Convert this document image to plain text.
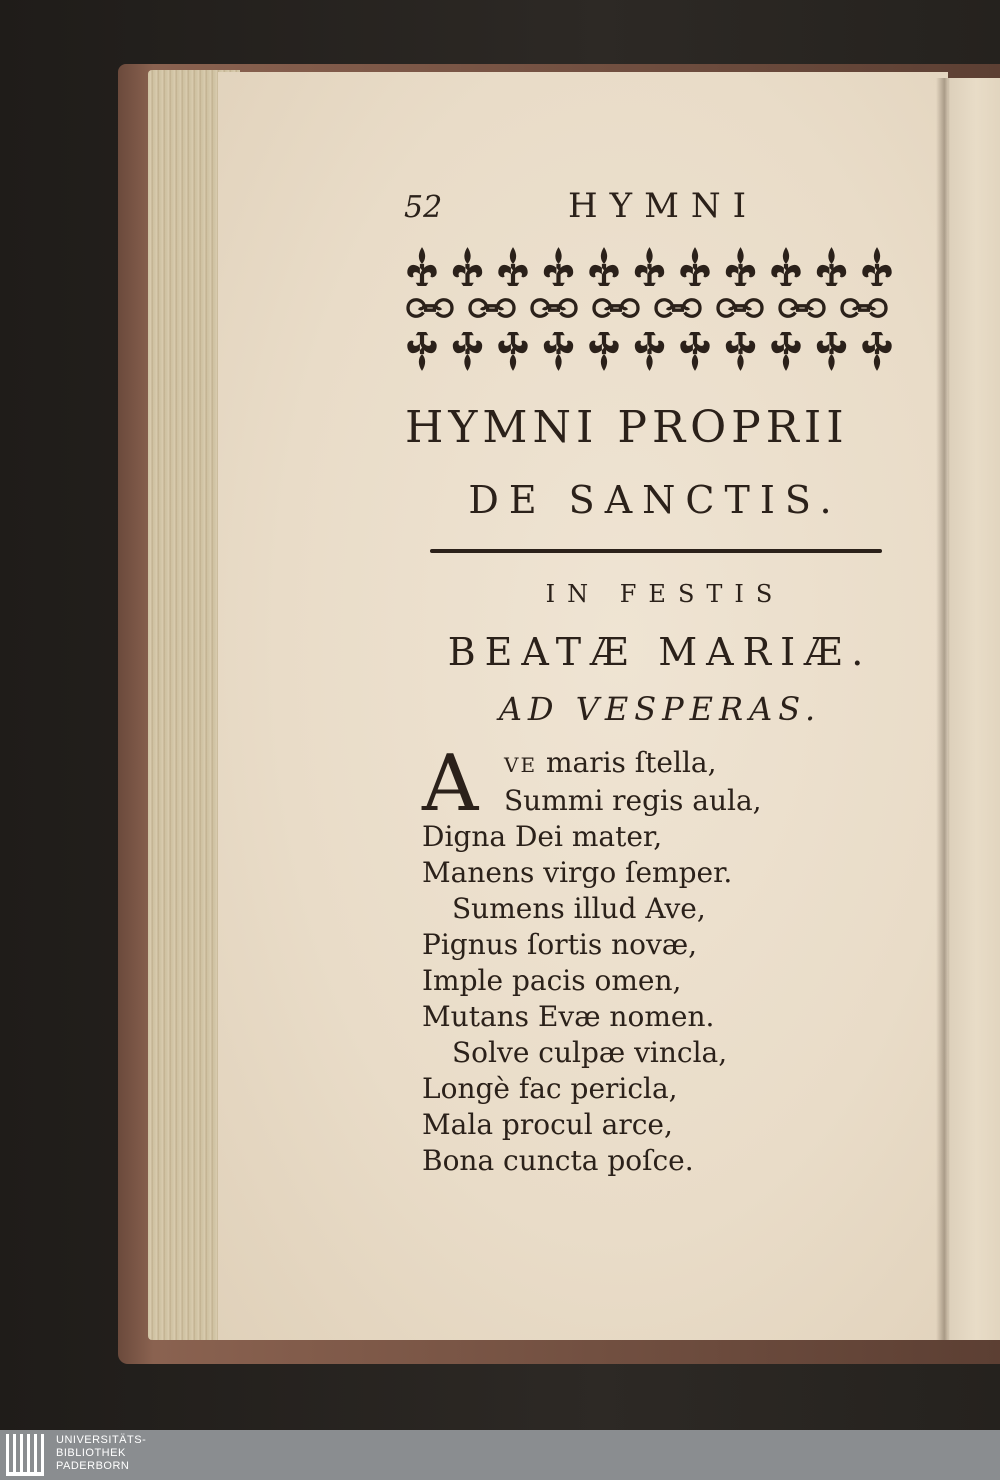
52	HYMNI
HYMNI PROPRII
DE SANCTIS.
IN FESTIS
BEATÆ MARIÆ.
AD VESPERAS.
A	VE maris ſtella,
Summi regis aula,
Digna Dei mater,
Manens virgo ſemper.
Sumens illud Ave,
Pignus ſortis novæ,
Imple pacis omen,
Mutans Evæ nomen.
Solve culpæ vincla,
Longè fac pericla,
Mala procul arce,
Bona cuncta poſce.
UNIVERSITÄTS-
BIBLIOTHEK
PADERBORN
